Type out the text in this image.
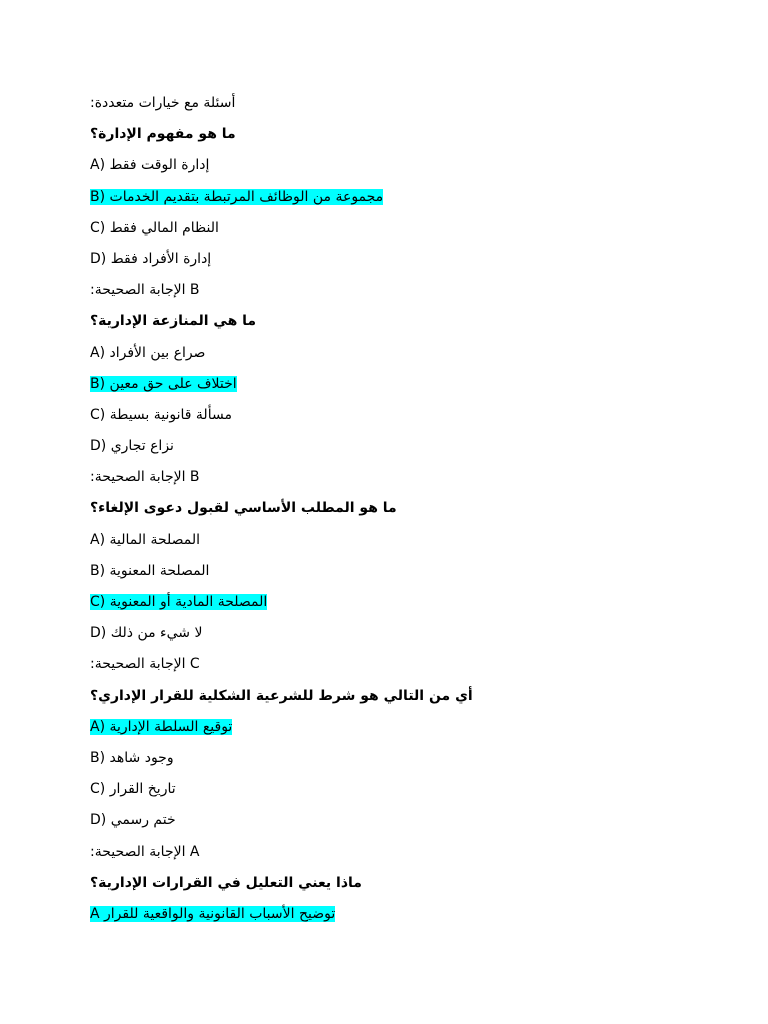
:أسئلة مع خيارات متعددة
ما هو مفهوم الإدارة؟
A) إدارة الوقت فقط
B) مجموعة من الوظائف المرتبطة بتقديم الخدمات
C) النظام المالي فقط
D) إدارة الأفراد فقط
:الإجابة الصحيحة B
ما هي المنازعة الإدارية؟
A) صراع بين الأفراد
B) اختلاف على حق معين
C) مسألة قانونية بسيطة
D) نزاع تجاري
:الإجابة الصحيحة B
ما هو المطلب الأساسي لقبول دعوى الإلغاء؟
A) المصلحة المالية
B) المصلحة المعنوية
C) المصلحة المادية أو المعنوية
D) لا شيء من ذلك
:الإجابة الصحيحة C
أي من التالي هو شرط للشرعية الشكلية للقرار الإداري؟
A) توقيع السلطة الإدارية
B) وجود شاهد
C) تاريخ القرار
D) ختم رسمي
:الإجابة الصحيحة A
ماذا يعني التعليل في القرارات الإدارية؟
A توضيح الأسباب القانونية والواقعية للقرار
